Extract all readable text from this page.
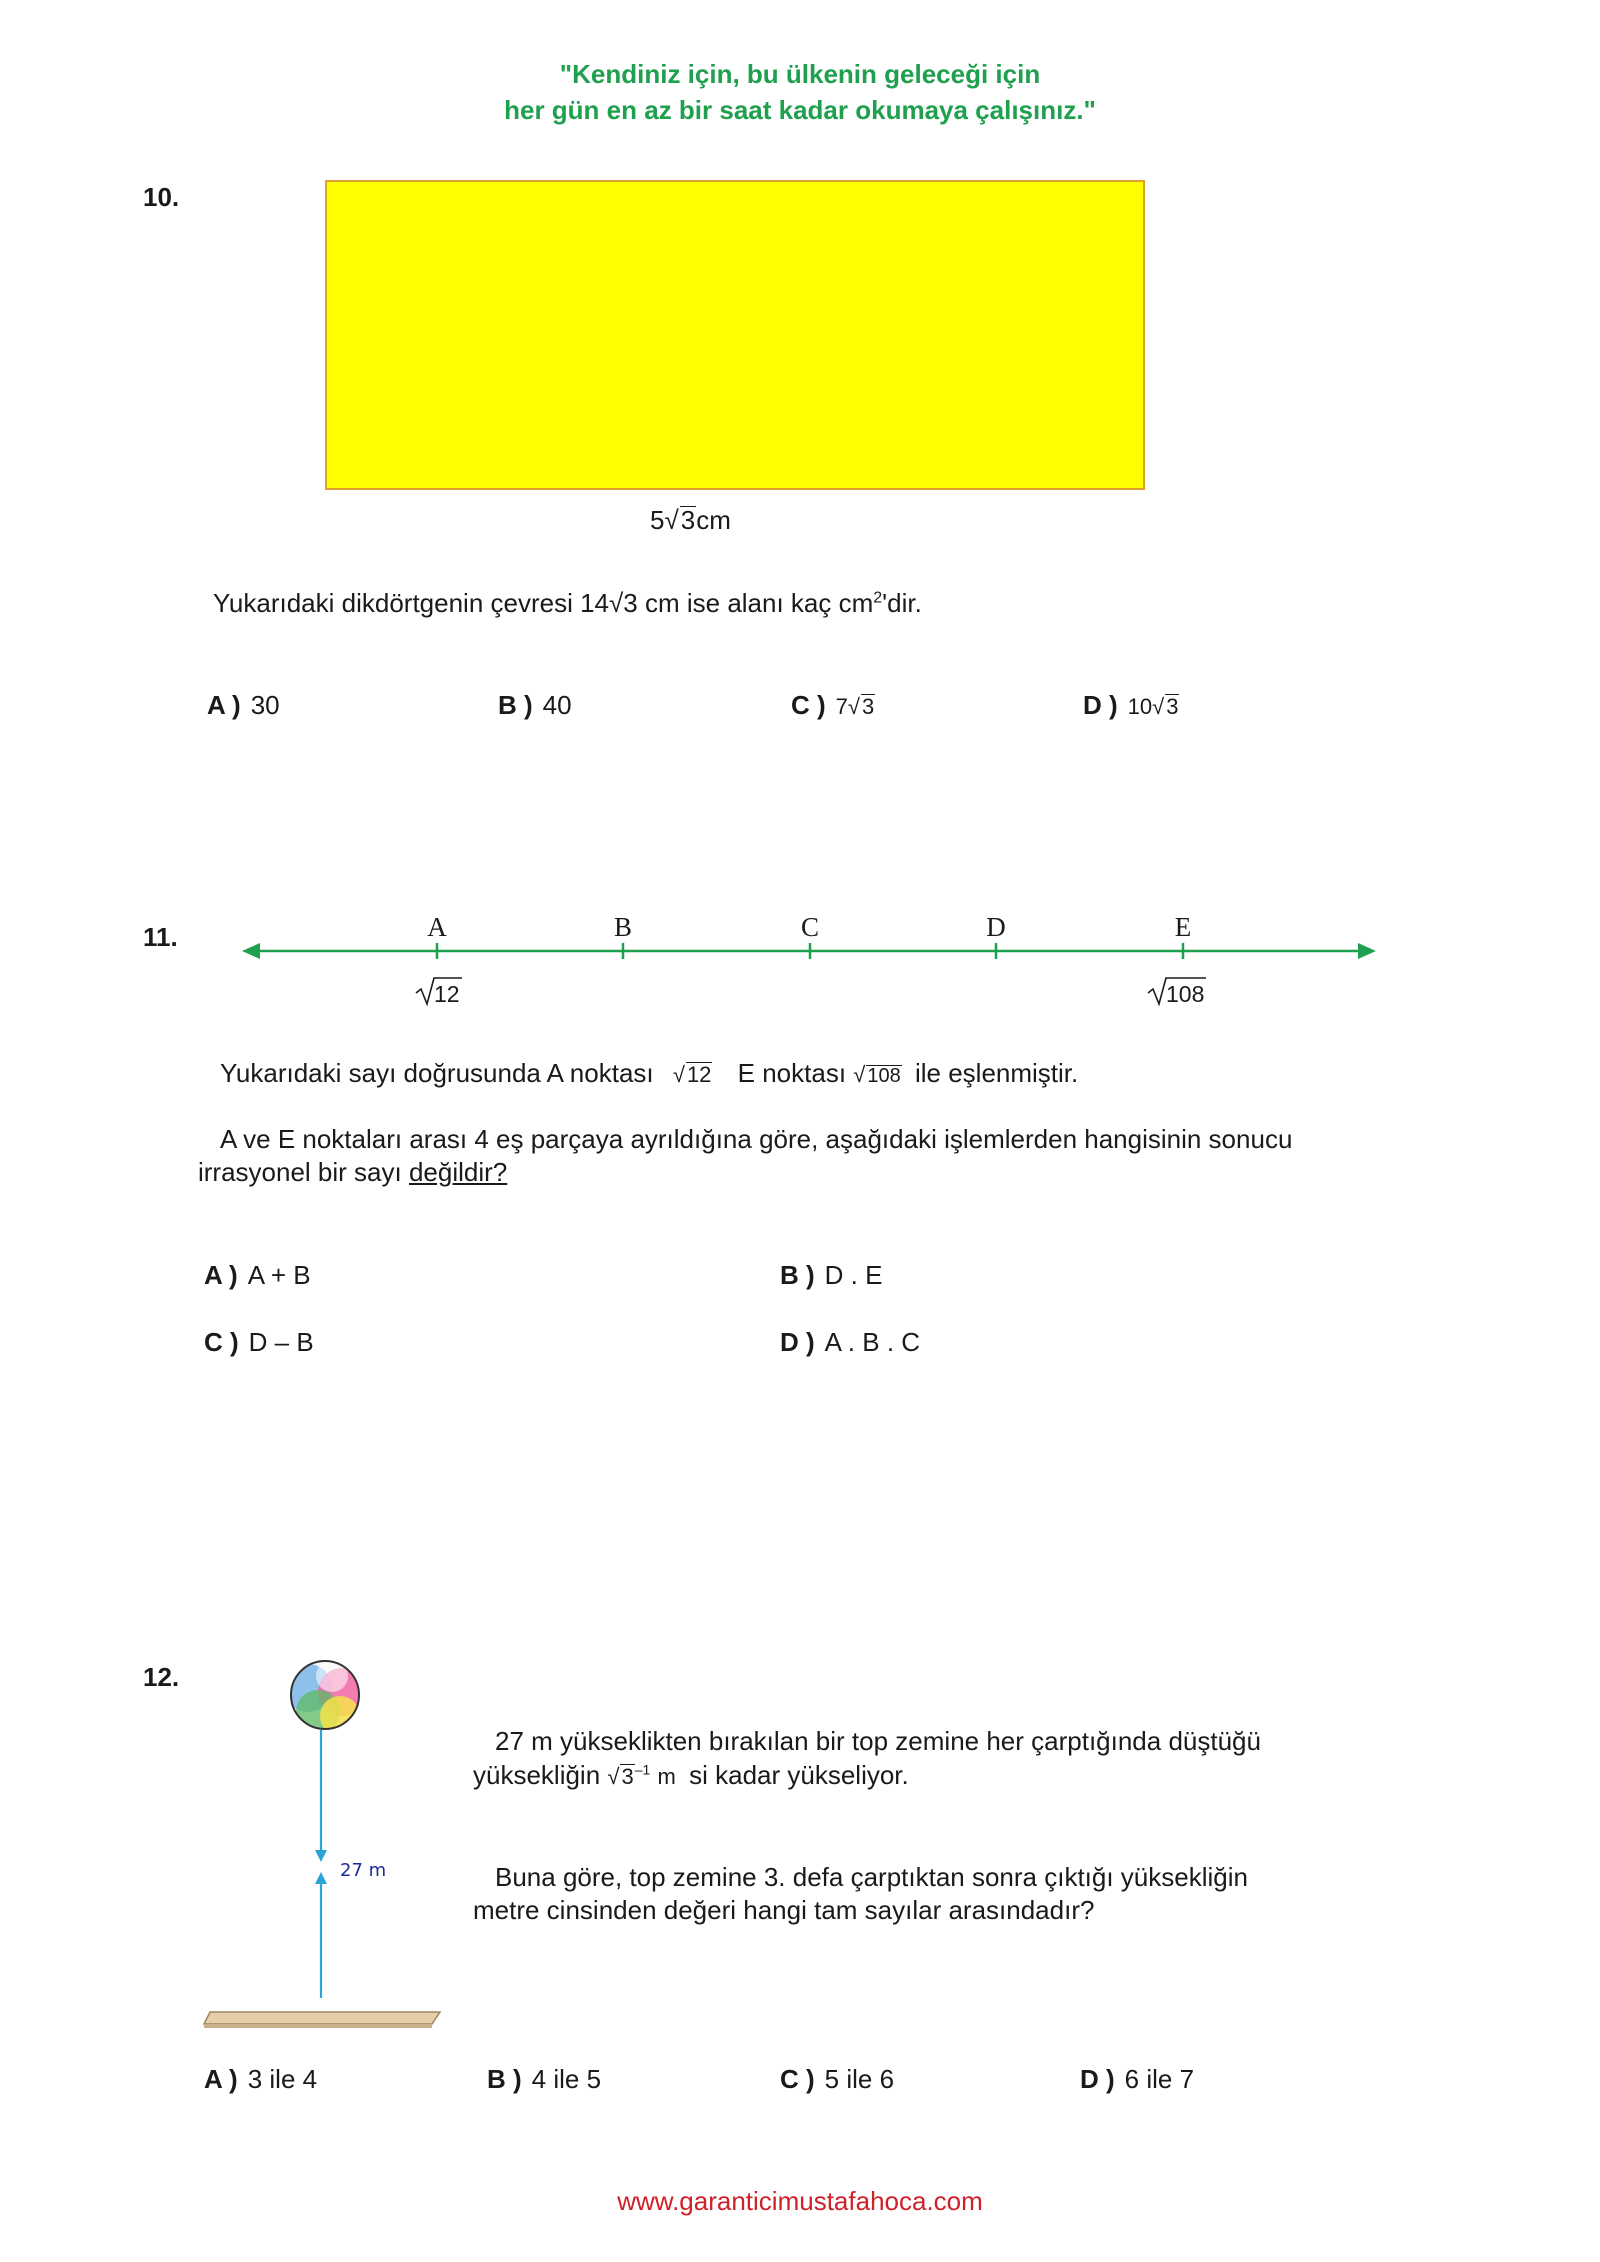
"Kendiniz için, bu ülkenin geleceği için
her gün en az bir saat kadar okumaya çalışınız."
10.
5√3cm
Yukarıdaki dikdörtgenin çevresi 14√3 cm ise alanı kaç $cm^2'dir$.
A ) 30	B ) 40	C ) 7√3	D ) 10√3
11.	A	B	C	D	E
12	108
Yukarıdaki sayı doğrusunda A noktası √12 E noktası √ 108 ile eşlenmiştir.
A ve E noktaları arası 4 eş parçaya ayrıldığına göre, aşağıdaki işlemlerden hangisinin sonucu
irrasyonel bir sayı değildir?
A ) A + B	B ) D . E
C ) D – B	D ) A . B . C
12.
27 m
27 m yükseklikten bırakılan bir top zemine her çarptığında düştüğü
yüksekliğin $√3^{-1}$ m si kadar yükseliyor.
Buna göre, top zemine 3. defa çarptıktan sonra çıktığı yüksekliğin
metre cinsinden değeri hangi tam sayılar arasındadır?
A ) 3 ile 4	B ) 4 ile 5	C ) 5 ile 6	D ) 6 ile 7
www.garanticimustafahoca.com
